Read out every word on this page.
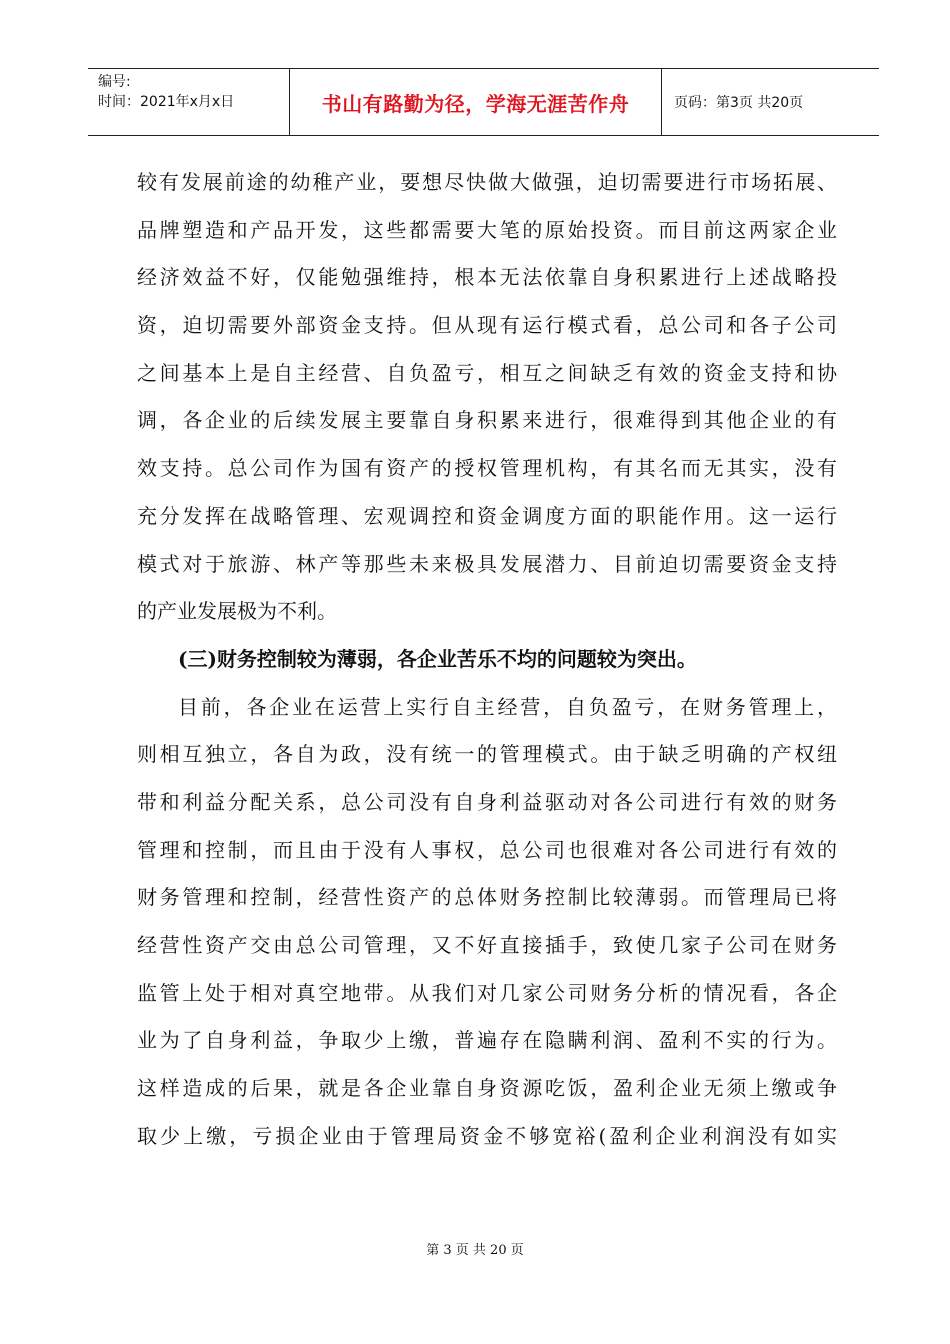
编号:
时间：2021年x月x日	书山有路勤为径，学海无涯苦作舟	页码：第3页 共20页
较有发展前途的幼稚产业，要想尽快做大做强，迫切需要进行市场拓展、
品牌塑造和产品开发，这些都需要大笔的原始投资。而目前这两家企业
经济效益不好，仅能勉强维持，根本无法依靠自身积累进行上述战略投
资，迫切需要外部资金支持。但从现有运行模式看，总公司和各子公司
之间基本上是自主经营、自负盈亏，相互之间缺乏有效的资金支持和协
调，各企业的后续发展主要靠自身积累来进行，很难得到其他企业的有
效支持。总公司作为国有资产的授权管理机构，有其名而无其实，没有
充分发挥在战略管理、宏观调控和资金调度方面的职能作用。这一运行
模式对于旅游、林产等那些未来极具发展潜力、目前迫切需要资金支持
的产业发展极为不利。
(三)财务控制较为薄弱，各企业苦乐不均的问题较为突出。
目前，各企业在运营上实行自主经营，自负盈亏，在财务管理上，
则相互独立，各自为政，没有统一的管理模式。由于缺乏明确的产权纽
带和利益分配关系，总公司没有自身利益驱动对各公司进行有效的财务
管理和控制，而且由于没有人事权，总公司也很难对各公司进行有效的
财务管理和控制，经营性资产的总体财务控制比较薄弱。而管理局已将
经营性资产交由总公司管理，又不好直接插手，致使几家子公司在财务
监管上处于相对真空地带。从我们对几家公司财务分析的情况看，各企
业为了自身利益，争取少上缴，普遍存在隐瞒利润、盈利不实的行为。
这样造成的后果，就是各企业靠自身资源吃饭，盈利企业无须上缴或争
取少上缴，亏损企业由于管理局资金不够宽裕(盈利企业利润没有如实
第 3 页 共 20 页
